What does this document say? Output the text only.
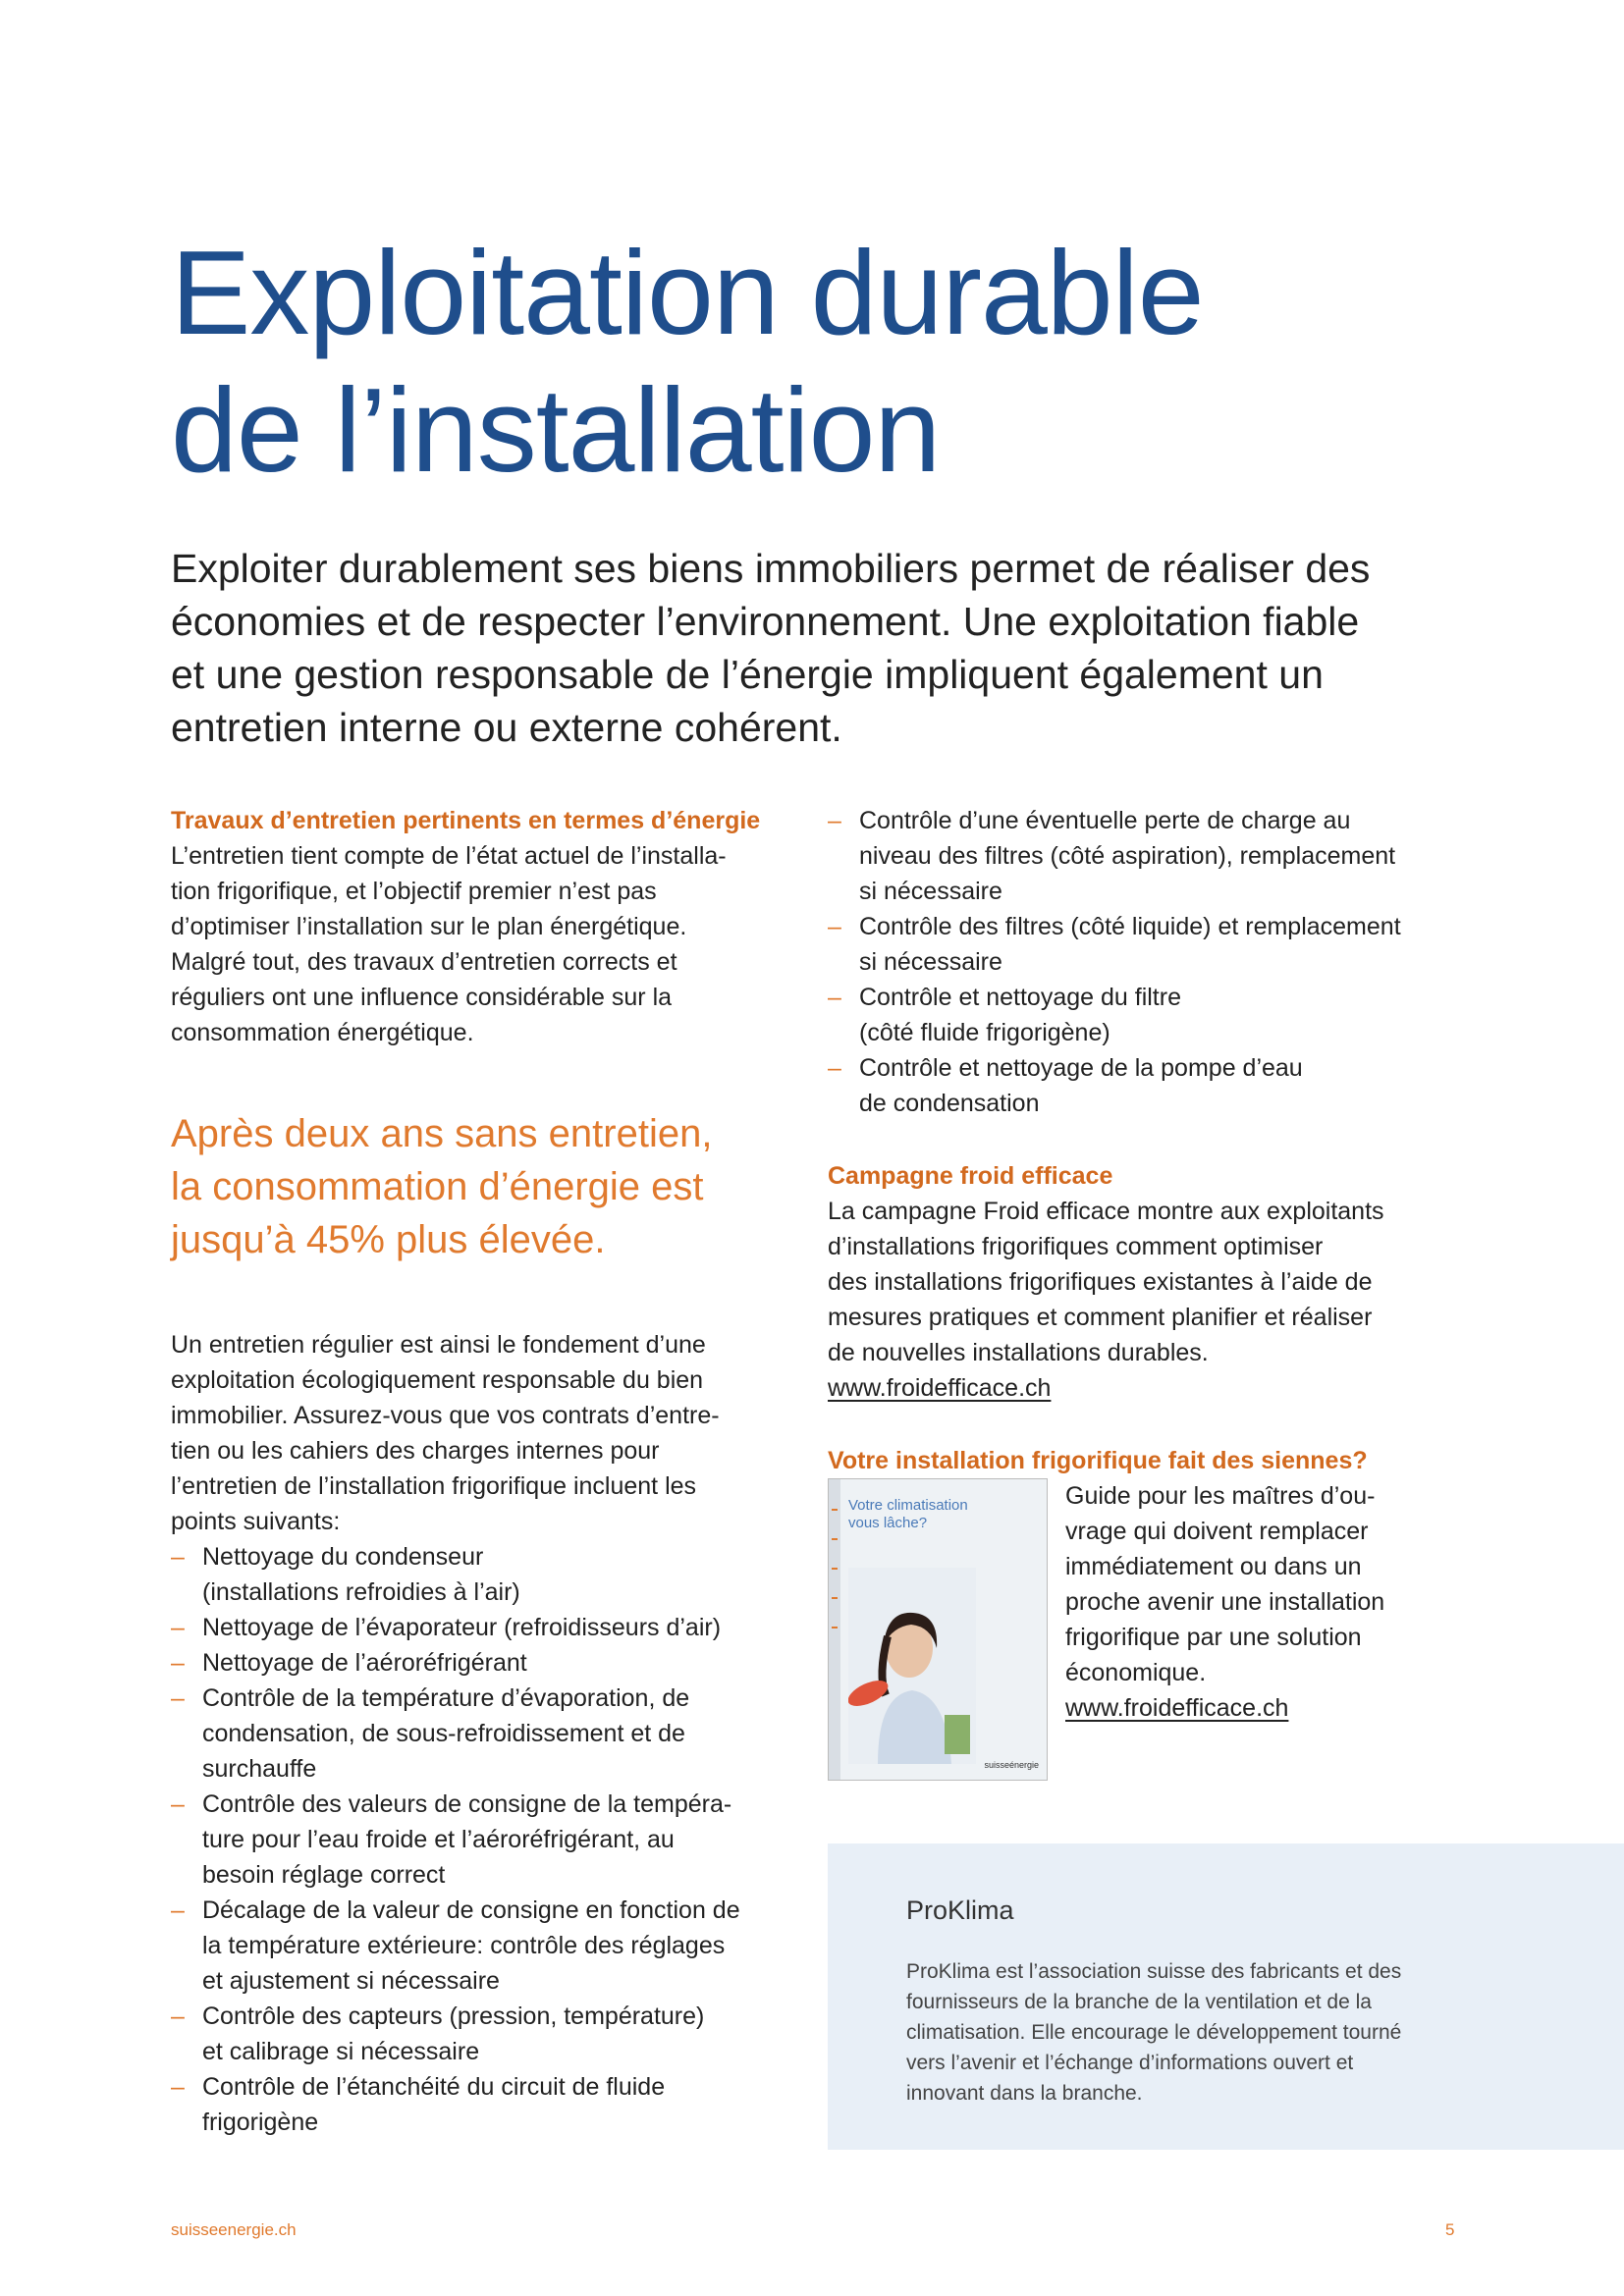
Exploitation durable
de l’installation

Exploiter durablement ses biens immobiliers permet de réaliser des
économies et de respecter l’environnement. Une exploitation fiable
et une gestion responsable de l’énergie impliquent également un
entretien interne ou externe cohérent.

Travaux d’entretien pertinents en termes d’énergie

L’entretien tient compte de l’état actuel de l’installa-
tion frigorifique, et l’objectif premier n’est pas
d’optimiser l’installation sur le plan énergétique.
Malgré tout, des travaux d’entretien corrects et
réguliers ont une influence considérable sur la
consommation énergétique.

Après deux ans sans entretien,
la consommation d’énergie est
jusqu’à 45% plus élevée.

Un entretien régulier est ainsi le fondement d’une
exploitation écologiquement responsable du bien
immobilier. Assurez-vous que vos contrats d’entre-
tien ou les cahiers des charges internes pour
l’entretien de l’installation frigorifique incluent les
points suivants:

– Nettoyage du condenseur
(installations refroidies à l’air)
– Nettoyage de l’évaporateur (refroidisseurs d’air)
– Nettoyage de l’aéroréfrigérant
– Contrôle de la température d’évaporation, de
condensation, de sous-refroidissement et de
surchauffe
– Contrôle des valeurs de consigne de la tempéra-
ture pour l’eau froide et l’aéroréfrigérant, au
besoin réglage correct
– Décalage de la valeur de consigne en fonction de
la température extérieure: contrôle des réglages
et ajustement si nécessaire
– Contrôle des capteurs (pression, température)
et calibrage si nécessaire
– Contrôle de l’étanchéité du circuit de fluide
frigorigène
– Contrôle d’une éventuelle perte de charge au
niveau des filtres (côté aspiration), remplacement
si nécessaire
– Contrôle des filtres (côté liquide) et remplacement
si nécessaire
– Contrôle et nettoyage du filtre
(côté fluide frigorigène)
– Contrôle et nettoyage de la pompe d’eau
de condensation
Campagne froid efficace

La campagne Froid efficace montre aux exploitants
d’installations frigorifiques comment optimiser
des installations frigorifiques existantes à l’aide de
mesures pratiques et comment planifier et réaliser
de nouvelles installations durables.

www.froidefficace.ch
Votre installation frigorifique fait des siennes?
Votre climatisation
vous lâche?
suisseénergie

Guide pour les maîtres d’ou-
vrage qui doivent remplacer
immédiatement ou dans un
proche avenir une installation
frigorifique par une solution
économique.

www.froidefficace.ch
ProKlima

ProKlima est l’association suisse des fabricants et des
fournisseurs de la branche de la ventilation et de la
climatisation. Elle encourage le développement tourné
vers l’avenir et l’échange d’informations ouvert et
innovant dans la branche.

suisseenergie.ch	5
